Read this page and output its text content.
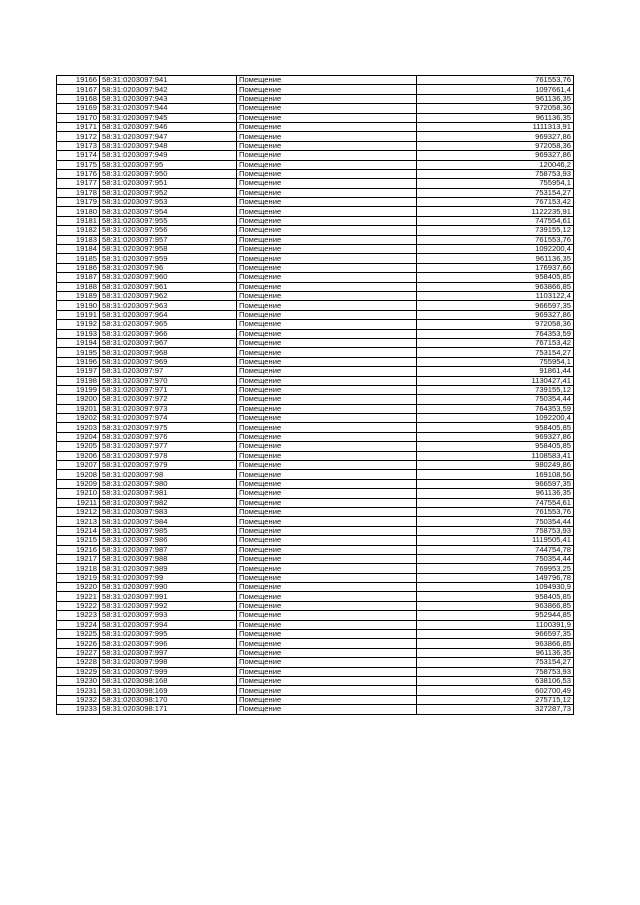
19166	58:31:0203097:941	Помещение	761553,76
19167	58:31:0203097:942	Помещение	1097661,4
19168	58:31:0203097:943	Помещение	961136,35
19169	58:31:0203097:944	Помещение	972058,36
19170	58:31:0203097:945	Помещение	961136,35
19171	58:31:0203097:946	Помещение	1111313,91
19172	58:31:0203097:947	Помещение	969327,86
19173	58:31:0203097:948	Помещение	972058,36
19174	58:31:0203097:949	Помещение	969327,86
19175	58:31:0203097:95	Помещение	120046,2
19176	58:31:0203097:950	Помещение	758753,93
19177	58:31:0203097:951	Помещение	755954,1
19178	58:31:0203097:952	Помещение	753154,27
19179	58:31:0203097:953	Помещение	767153,42
19180	58:31:0203097:954	Помещение	1122235,91
19181	58:31:0203097:955	Помещение	747554,61
19182	58:31:0203097:956	Помещение	739155,12
19183	58:31:0203097:957	Помещение	761553,76
19184	58:31:0203097:958	Помещение	1092200,4
19185	58:31:0203097:959	Помещение	961136,35
19186	58:31:0203097:96	Помещение	176937,66
19187	58:31:0203097:960	Помещение	958405,85
19188	58:31:0203097:961	Помещение	963866,85
19189	58:31:0203097:962	Помещение	1103122,4
19190	58:31:0203097:963	Помещение	966597,35
19191	58:31:0203097:964	Помещение	969327,86
19192	58:31:0203097:965	Помещение	972058,36
19193	58:31:0203097:966	Помещение	764353,59
19194	58:31:0203097:967	Помещение	767153,42
19195	58:31:0203097:968	Помещение	753154,27
19196	58:31:0203097:969	Помещение	755954,1
19197	58:31:0203097:97	Помещение	91861,44
19198	58:31:0203097:970	Помещение	1130427,41
19199	58:31:0203097:971	Помещение	739155,12
19200	58:31:0203097:972	Помещение	750354,44
19201	58:31:0203097:973	Помещение	764353,59
19202	58:31:0203097:974	Помещение	1092200,4
19203	58:31:0203097:975	Помещение	958405,85
19204	58:31:0203097:976	Помещение	969327,86
19205	58:31:0203097:977	Помещение	958405,85
19206	58:31:0203097:978	Помещение	1108583,41
19207	58:31:0203097:979	Помещение	980249,86
19208	58:31:0203097:98	Помещение	169108,56
19209	58:31:0203097:980	Помещение	966597,35
19210	58:31:0203097:981	Помещение	961136,35
19211	58:31:0203097:982	Помещение	747554,61
19212	58:31:0203097:983	Помещение	761553,76
19213	58:31:0203097:984	Помещение	750354,44
19214	58:31:0203097:985	Помещение	758753,93
19215	58:31:0203097:986	Помещение	1119505,41
19216	58:31:0203097:987	Помещение	744754,78
19217	58:31:0203097:988	Помещение	750354,44
19218	58:31:0203097:989	Помещение	769953,25
19219	58:31:0203097:99	Помещение	149796,78
19220	58:31:0203097:990	Помещение	1094930,9
19221	58:31:0203097:991	Помещение	958405,85
19222	58:31:0203097:992	Помещение	963866,85
19223	58:31:0203097:993	Помещение	952944,85
19224	58:31:0203097:994	Помещение	1100391,9
19225	58:31:0203097:995	Помещение	966597,35
19226	58:31:0203097:996	Помещение	963866,85
19227	58:31:0203097:997	Помещение	961136,35
19228	58:31:0203097:998	Помещение	753154,27
19229	58:31:0203097:999	Помещение	758753,93
19230	58:31:0203098:168	Помещение	638106,53
19231	58:31:0203098:169	Помещение	602700,49
19232	58:31:0203098:170	Помещение	275715,12
19233	58:31:0203098:171	Помещение	327287,73
